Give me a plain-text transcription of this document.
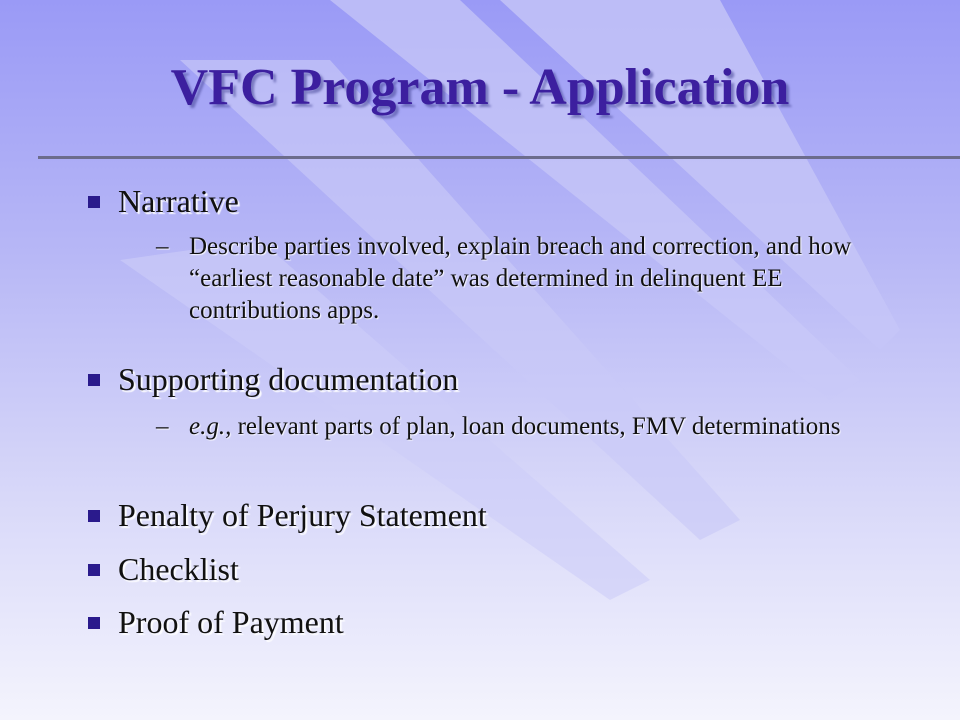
VFC Program - Application
Narrative
– Describe parties involved, explain breach and correction, and how “earliest reasonable date” was determined in delinquent EE contributions apps.
Supporting documentation
– e.g., relevant parts of plan, loan documents, FMV determinations
Penalty of Perjury Statement
Checklist
Proof of Payment
